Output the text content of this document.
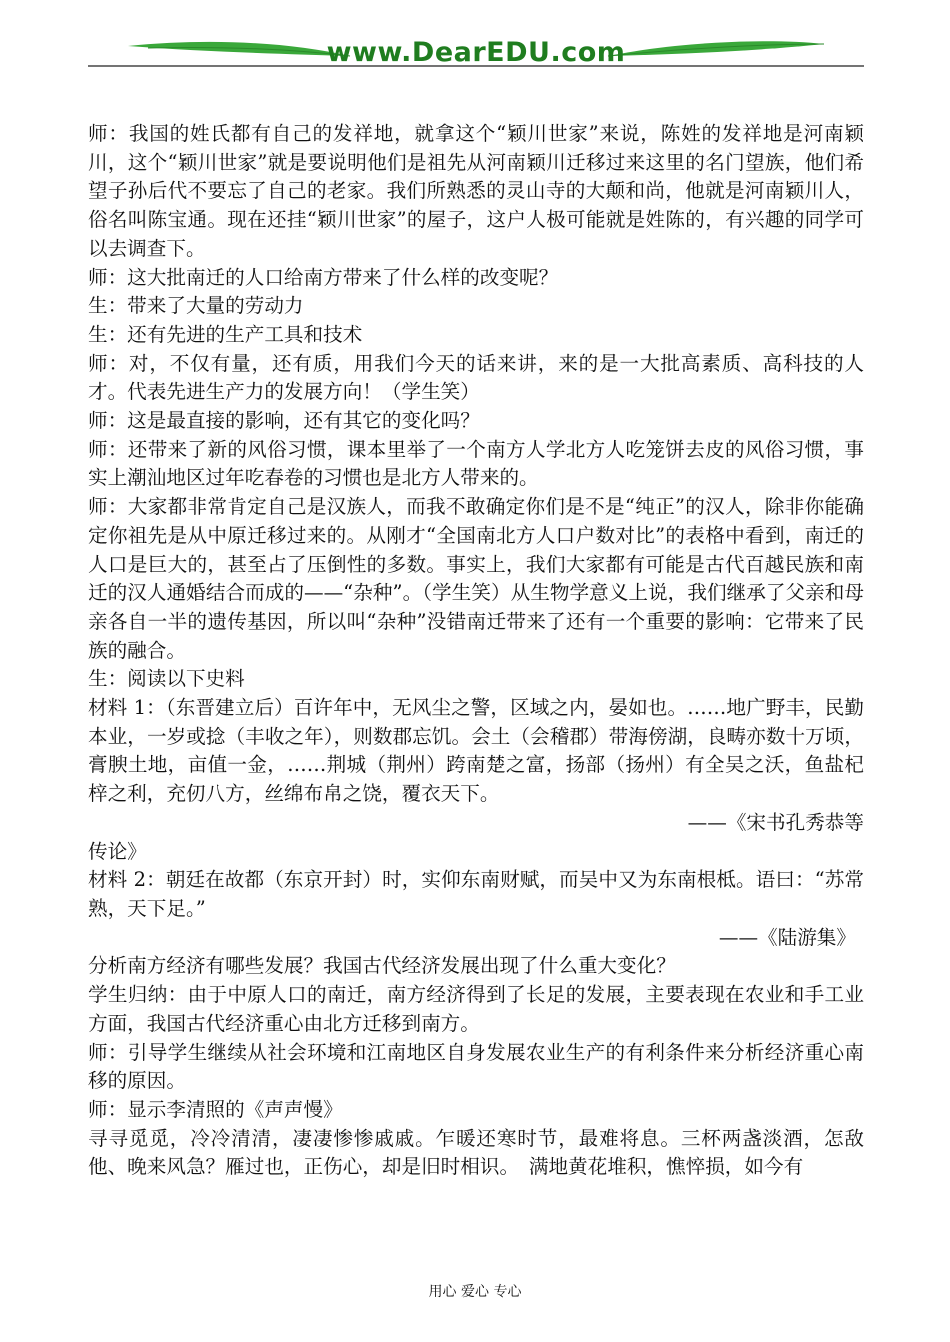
www.DearEDU.com

师：我国的姓氏都有自己的发祥地，就拿这个“颖川世家”来说，陈姓的发祥地是河南颖川，这个“颖川世家”就是要说明他们是祖先从河南颖川迁移过来这里的名门望族，他们希望子孙后代不要忘了自己的老家。我们所熟悉的灵山寺的大颠和尚，他就是河南颖川人，俗名叫陈宝通。现在还挂“颖川世家”的屋子，这户人极可能就是姓陈的，有兴趣的同学可以去调查下。

师：这大批南迁的人口给南方带来了什么样的改变呢？

生：带来了大量的劳动力

生：还有先进的生产工具和技术

师：对，不仅有量，还有质，用我们今天的话来讲，来的是一大批高素质、高科技的人才。代表先进生产力的发展方向！（学生笑）

师：这是最直接的影响，还有其它的变化吗？

师：还带来了新的风俗习惯，课本里举了一个南方人学北方人吃笼饼去皮的风俗习惯，事实上潮汕地区过年吃春卷的习惯也是北方人带来的。

师：大家都非常肯定自己是汉族人，而我不敢确定你们是不是“纯正”的汉人，除非你能确定你祖先是从中原迁移过来的。从刚才“全国南北方人口户数对比”的表格中看到，南迁的人口是巨大的，甚至占了压倒性的多数。事实上，我们大家都有可能是古代百越民族和南迁的汉人通婚结合而成的——“杂种”。（学生笑）从生物学意义上说，我们继承了父亲和母亲各自一半的遗传基因，所以叫“杂种”没错南迁带来了还有一个重要的影响：它带来了民族的融合。

生：阅读以下史料

材料 1：（东晋建立后）百许年中，无风尘之警，区域之内，晏如也。……地广野丰，民勤本业，一岁或捻（丰收之年），则数郡忘饥。会土（会稽郡）带海傍湖，良畴亦数十万顷，膏腴土地，亩值一金，……荆城（荆州）跨南楚之富，扬部（扬州）有全吴之沃，鱼盐杞梓之利，充仞八方，丝绵布帛之饶，覆衣天下。

——《宋书孔秀恭等

传论》

材料 2：朝廷在故都（东京开封）时，实仰东南财赋，而吴中又为东南根柢。语曰：“苏常熟，天下足。”

——《陆游集》

分析南方经济有哪些发展？我国古代经济发展出现了什么重大变化？

学生归纳：由于中原人口的南迁，南方经济得到了长足的发展，主要表现在农业和手工业方面，我国古代经济重心由北方迁移到南方。

师：引导学生继续从社会环境和江南地区自身发展农业生产的有利条件来分析经济重心南移的原因。

师：显示李清照的《声声慢》

寻寻觅觅，冷冷清清，凄凄惨惨戚戚。乍暖还寒时节，最难将息。三杯两盏淡酒，怎敌他、晚来风急？雁过也，正伤心，却是旧时相识。　满地黄花堆积，憔悴损，如今有

用心 爱心 专心
